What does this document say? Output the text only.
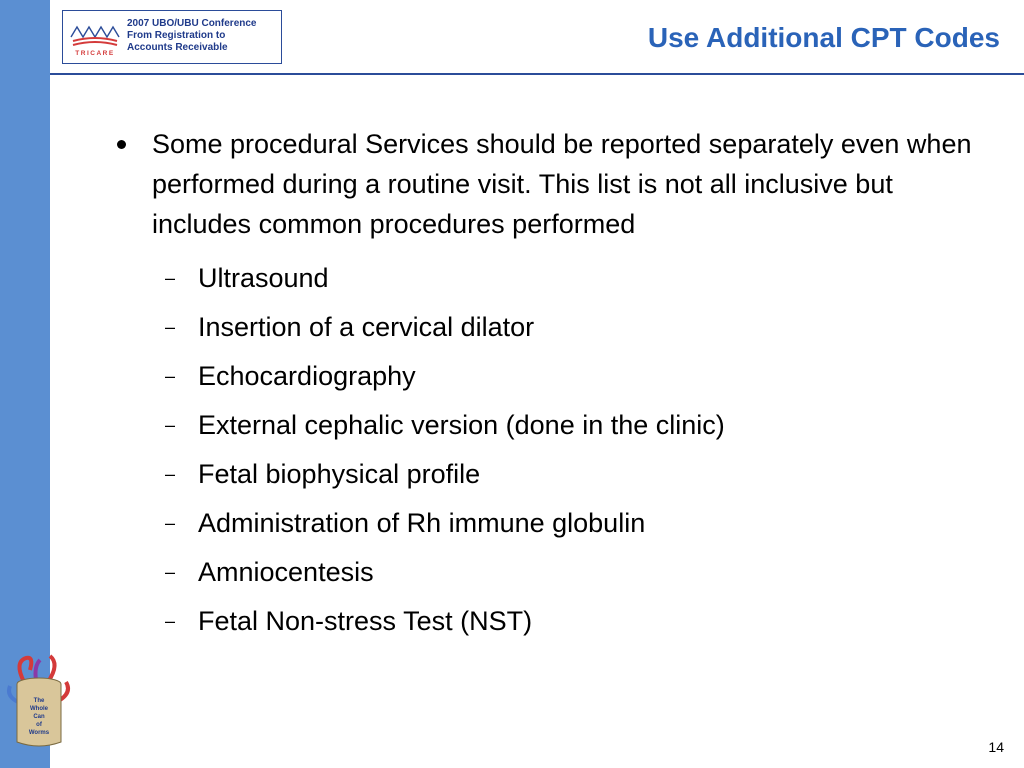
TRICARE
2007 UBO/UBU Conference
From Registration to
Accounts Receivable	Use Additional CPT Codes
Some procedural Services should be reported separately even when performed during a routine visit. This list is not all inclusive but includes common procedures performed
– Ultrasound
– Insertion of a cervical dilator
– Echocardiography
– External cephalic version (done in the clinic)
– Fetal biophysical profile
– Administration of Rh immune globulin
– Amniocentesis
– Fetal Non-stress Test (NST)
The
Whole
Can
of
Worms
14
